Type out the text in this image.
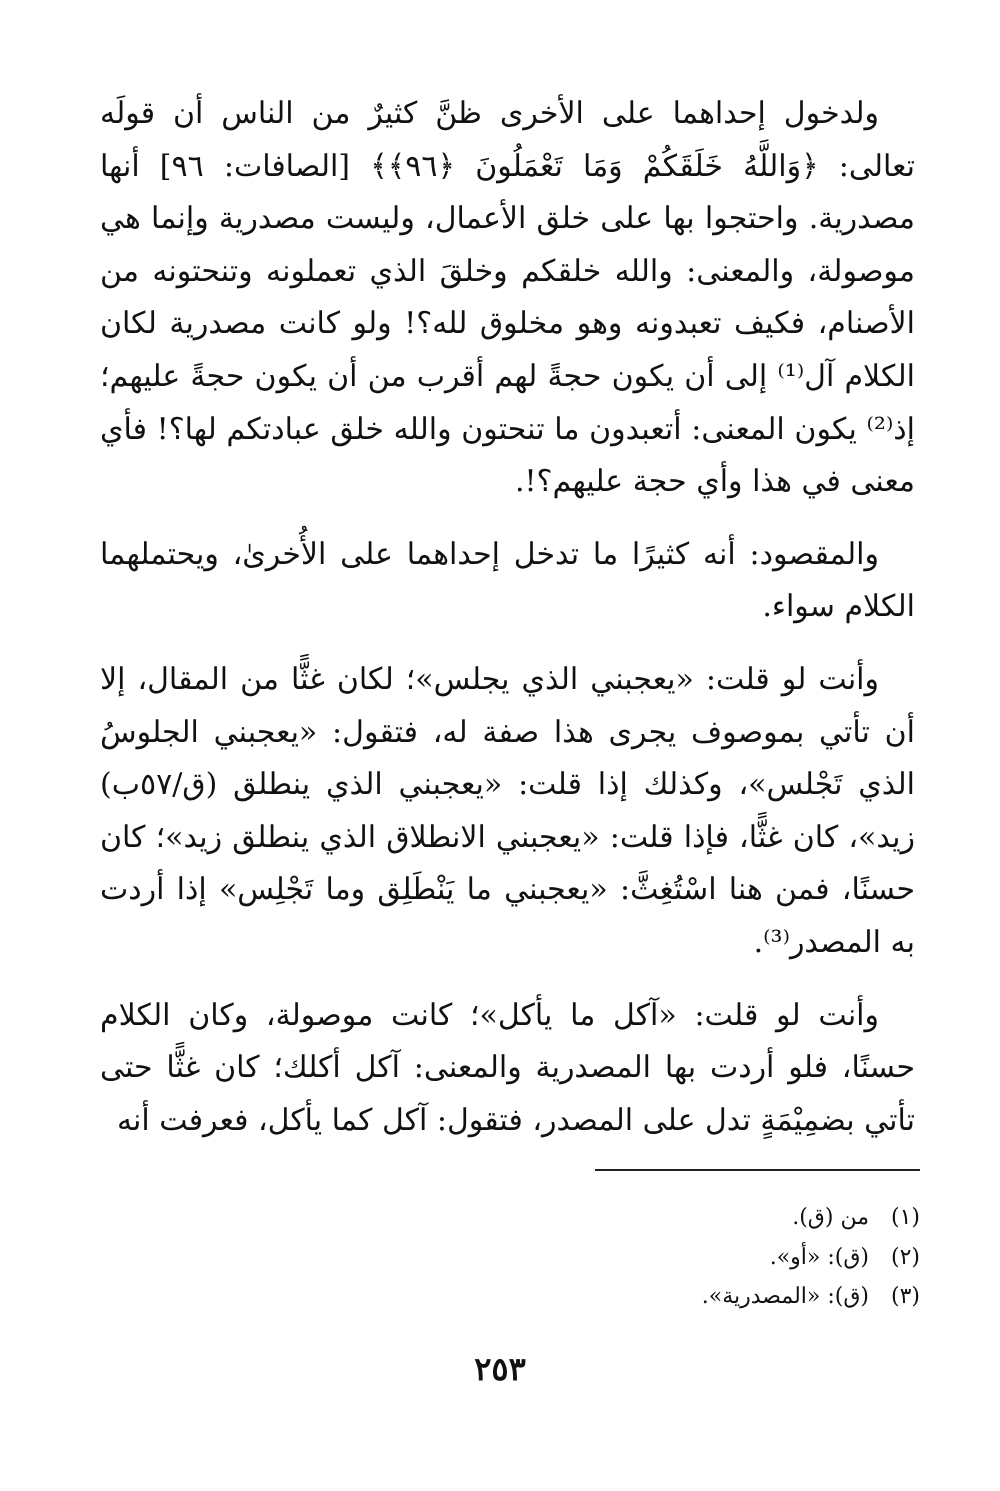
ولدخول إحداهما على الأخرى ظنَّ كثيرٌ من الناس أن قولَه تعالى: ﴿وَاللَّهُ خَلَقَكُمْ وَمَا تَعْمَلُونَ ﴿٩٦﴾﴾ [الصافات: ٩٦] أنها مصدرية. واحتجوا بها على خلق الأعمال، وليست مصدرية وإنما هي موصولة، والمعنى: والله خلقكم وخلقَ الذي تعملونه وتنحتونه من الأصنام، فكيف تعبدونه وهو مخلوق لله؟! ولو كانت مصدرية لكان الكلام آل⁽¹⁾ إلى أن يكون حجةً لهم أقرب من أن يكون حجةً عليهم؛ إذ⁽²⁾ يكون المعنى: أتعبدون ما تنحتون والله خلق عبادتكم لها؟! فأي معنى في هذا وأي حجة عليهم؟!.

والمقصود: أنه كثيرًا ما تدخل إحداهما على الأُخرىٰ، ويحتملهما الكلام سواء.

وأنت لو قلت: «يعجبني الذي يجلس»؛ لكان غثًّا من المقال، إلا أن تأتي بموصوف يجرى هذا صفة له، فتقول: «يعجبني الجلوسُ الذي تَجْلس»، وكذلك إذا قلت: «يعجبني الذي ينطلق (ق/٥٧ب) زيد»، كان غثًّا، فإذا قلت: «يعجبني الانطلاق الذي ينطلق زيد»؛ كان حسنًا، فمن هنا اسْتُغِثَّ: «يعجبني ما يَنْطَلِق وما تَجْلِس» إذا أردت به المصدر⁽³⁾.

وأنت لو قلت: «آكل ما يأكل»؛ كانت موصولة، وكان الكلام حسنًا، فلو أردت بها المصدرية والمعنى: آكل أكلك؛ كان غثًّا حتى تأتي بضمِيْمَةٍ تدل على المصدر، فتقول: آكل كما يأكل، فعرفت أنه

(١) من (ق).
(٢) (ق): «أو».
(٣) (ق): «المصدرية».
٢٥٣
